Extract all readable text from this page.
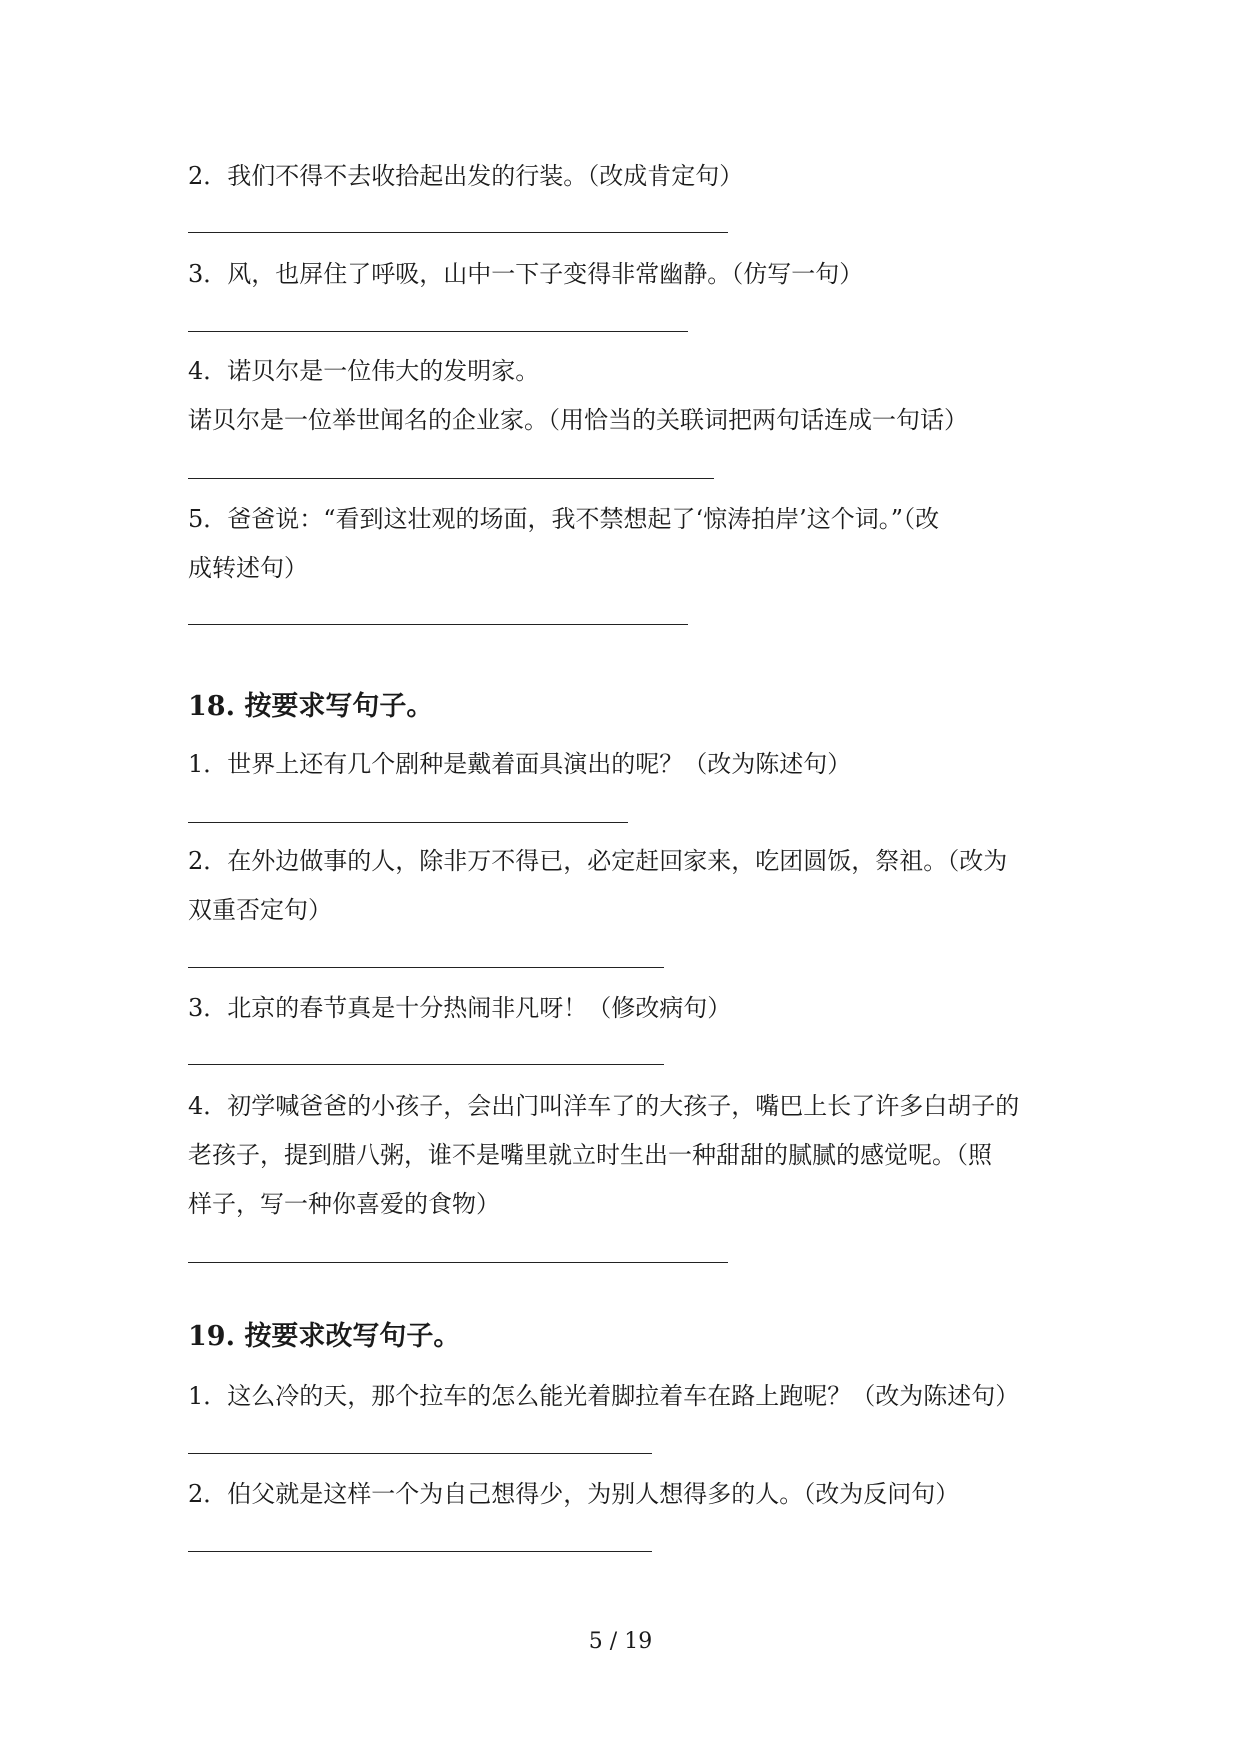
2．我们不得不去收拾起出发的行装。（改成肯定句）
3．风，也屏住了呼吸，山中一下子变得非常幽静。（仿写一句）
4．诺贝尔是一位伟大的发明家。
诺贝尔是一位举世闻名的企业家。（用恰当的关联词把两句话连成一句话）
5．爸爸说：“看到这壮观的场面，我不禁想起了‘惊涛拍岸’这个词。”（改
成转述句）
18. 按要求写句子。
1．世界上还有几个剧种是戴着面具演出的呢？（改为陈述句）
2．在外边做事的人，除非万不得已，必定赶回家来，吃团圆饭，祭祖。（改为
双重否定句）
3．北京的春节真是十分热闹非凡呀！（修改病句）
4．初学喊爸爸的小孩子，会出门叫洋车了的大孩子，嘴巴上长了许多白胡子的
老孩子，提到腊八粥，谁不是嘴里就立时生出一种甜甜的腻腻的感觉呢。（照
样子，写一种你喜爱的食物）
19. 按要求改写句子。
1．这么冷的天，那个拉车的怎么能光着脚拉着车在路上跑呢？（改为陈述句）
2．伯父就是这样一个为自己想得少，为别人想得多的人。（改为反问句）
5 / 19
